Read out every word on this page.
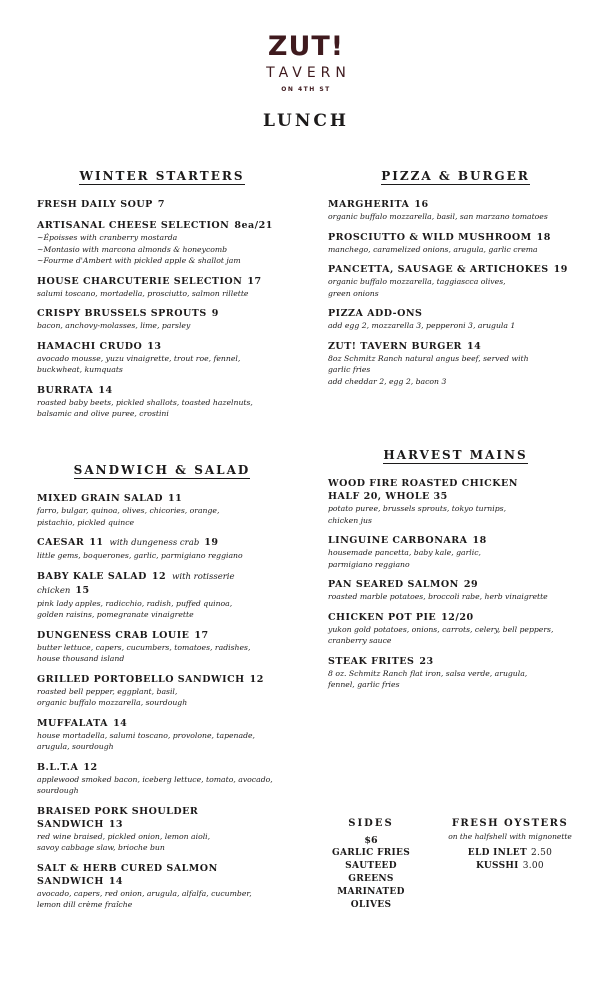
ZUT!
TAVERN
ON 4TH ST
LUNCH
WINTER STARTERS
FRESH DAILY SOUP 7
ARTISANAL CHEESE SELECTION 8ea/21
~Époisses with cranberry mostarda
~Montasio with marcona almonds & honeycomb
~Fourme d'Ambert with pickled apple & shallot jam
HOUSE CHARCUTERIE SELECTION 17
salumi toscano, mortadella, prosciutto, salmon rillette
CRISPY BRUSSELS SPROUTS 9
bacon, anchovy-molasses, lime, parsley
HAMACHI CRUDO 13
avocado mousse, yuzu vinaigrette, trout roe, fennel,
buckwheat, kumquats
BURRATA 14
roasted baby beets, pickled shallots, toasted hazelnuts,
balsamic and olive puree, crostini
SANDWICH & SALAD
MIXED GRAIN SALAD 11
farro, bulgar, quinoa, olives, chicories, orange,
pistachio, pickled quince
CAESAR 11 with dungeness crab 19
little gems, boquerones, garlic, parmigiano reggiano
BABY KALE SALAD 12 with rotisserie chicken 15
pink lady apples, radicchio, radish, puffed quinoa,
golden raisins, pomegranate vinaigrette
DUNGENESS CRAB LOUIE 17
butter lettuce, capers, cucumbers, tomatoes, radishes,
house thousand island
GRILLED PORTOBELLO SANDWICH 12
roasted bell pepper, eggplant, basil,
organic buffalo mozzarella, sourdough
MUFFALATA 14
house mortadella, salumi toscano, provolone, tapenade,
arugula, sourdough
B.L.T.A 12
applewood smoked bacon, iceberg lettuce, tomato, avocado,
sourdough
BRAISED PORK SHOULDER SANDWICH 13
red wine braised, pickled onion, lemon aioli,
savoy cabbage slaw, brioche bun
SALT & HERB CURED SALMON SANDWICH 14
avocado, capers, red onion, arugula, alfalfa, cucumber,
lemon dill crème fraîche
PIZZA & BURGER
MARGHERITA 16
organic buffalo mozzarella, basil, san marzano tomatoes
PROSCIUTTO & WILD MUSHROOM 18
manchego, caramelized onions, arugula, garlic crema
PANCETTA, SAUSAGE & ARTICHOKES 19
organic buffalo mozzarella, taggiascca olives,
green onions
PIZZA ADD-ONS
add egg 2, mozzarella 3, pepperoni 3, arugula 1
ZUT! TAVERN BURGER 14
8oz Schmitz Ranch natural angus beef, served with
garlic fries
add cheddar 2, egg 2, bacon 3
HARVEST MAINS
WOOD FIRE ROASTED CHICKEN
HALF 20, WHOLE 35
potato puree, brussels sprouts, tokyo turnips,
chicken jus
LINGUINE CARBONARA 18
housemade pancetta, baby kale, garlic,
parmigiano reggiano
PAN SEARED SALMON 29
roasted marble potatoes, broccoli rabe, herb vinaigrette
CHICKEN POT PIE 12/20
yukon gold potatoes, onions, carrots, celery, bell peppers,
cranberry sauce
STEAK FRITES 23
8 oz. Schmitz Ranch flat iron, salsa verde, arugula,
fennel, garlic fries
SIDES
$6
GARLIC FRIES
SAUTEED GREENS
MARINATED OLIVES
FRESH OYSTERS
on the halfshell with mignonette
ELD INLET 2.50
KUSSHI 3.00
